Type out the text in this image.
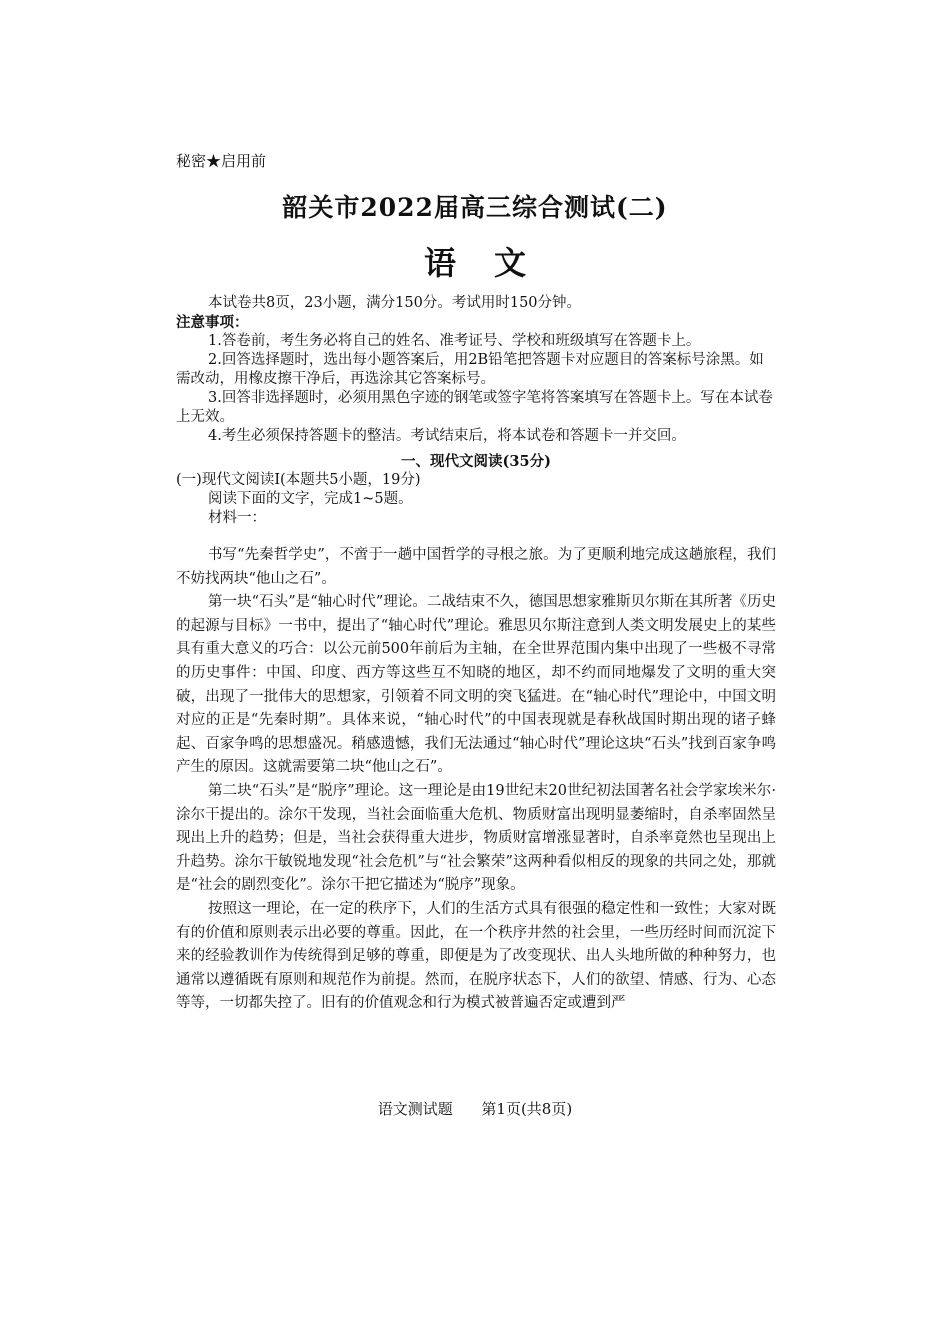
秘密★启用前
韶关市2022届高三综合测试(二)
语文

本试卷共8页，23小题，满分150分。考试用时150分钟。

注意事项：

1.答卷前，考生务必将自己的姓名、准考证号、学校和班级填写在答题卡上。

2.回答选择题时，选出每小题答案后，用2B铅笔把答题卡对应题目的答案标号涂黑。如需改动，用橡皮擦干净后，再选涂其它答案标号。

3.回答非选择题时，必须用黑色字迹的钢笔或签字笔将答案填写在答题卡上。写在本试卷上无效。

4.考生必须保持答题卡的整洁。考试结束后，将本试卷和答题卡一并交回。

一、现代文阅读(35分)

(一)现代文阅读Ⅰ(本题共5小题，19分)

阅读下面的文字，完成1~5题。

材料一：

书写“先秦哲学史”，不啻于一趟中国哲学的寻根之旅。为了更顺利地完成这趟旅程，我们不妨找两块“他山之石”。

第一块“石头”是“轴心时代”理论。二战结束不久，德国思想家雅斯贝尔斯在其所著《历史的起源与目标》一书中，提出了“轴心时代”理论。雅思贝尔斯注意到人类文明发展史上的某些具有重大意义的巧合：以公元前500年前后为主轴，在全世界范围内集中出现了一些极不寻常的历史事件：中国、印度、西方等这些互不知晓的地区，却不约而同地爆发了文明的重大突破，出现了一批伟大的思想家，引领着不同文明的突飞猛进。在“轴心时代”理论中，中国文明对应的正是“先秦时期”。具体来说，“轴心时代”的中国表现就是春秋战国时期出现的诸子蜂起、百家争鸣的思想盛况。稍感遗憾，我们无法通过“轴心时代”理论这块“石头”找到百家争鸣产生的原因。这就需要第二块“他山之石”。

第二块“石头”是“脱序”理论。这一理论是由19世纪末20世纪初法国著名社会学家埃米尔·涂尔干提出的。涂尔干发现，当社会面临重大危机、物质财富出现明显萎缩时，自杀率固然呈现出上升的趋势；但是，当社会获得重大进步，物质财富增涨显著时，自杀率竟然也呈现出上升趋势。涂尔干敏锐地发现“社会危机”与“社会繁荣”这两种看似相反的现象的共同之处，那就是“社会的剧烈变化”。涂尔干把它描述为“脱序”现象。

按照这一理论，在一定的秩序下，人们的生活方式具有很强的稳定性和一致性；大家对既有的价值和原则表示出必要的尊重。因此，在一个秩序井然的社会里，一些历经时间而沉淀下来的经验教训作为传统得到足够的尊重，即便是为了改变现状、出人头地所做的种种努力，也通常以遵循既有原则和规范作为前提。然而，在脱序状态下，人们的欲望、情感、行为、心态等等，一切都失控了。旧有的价值观念和行为模式被普遍否定或遭到严

语文测试题 第1页(共8页)
